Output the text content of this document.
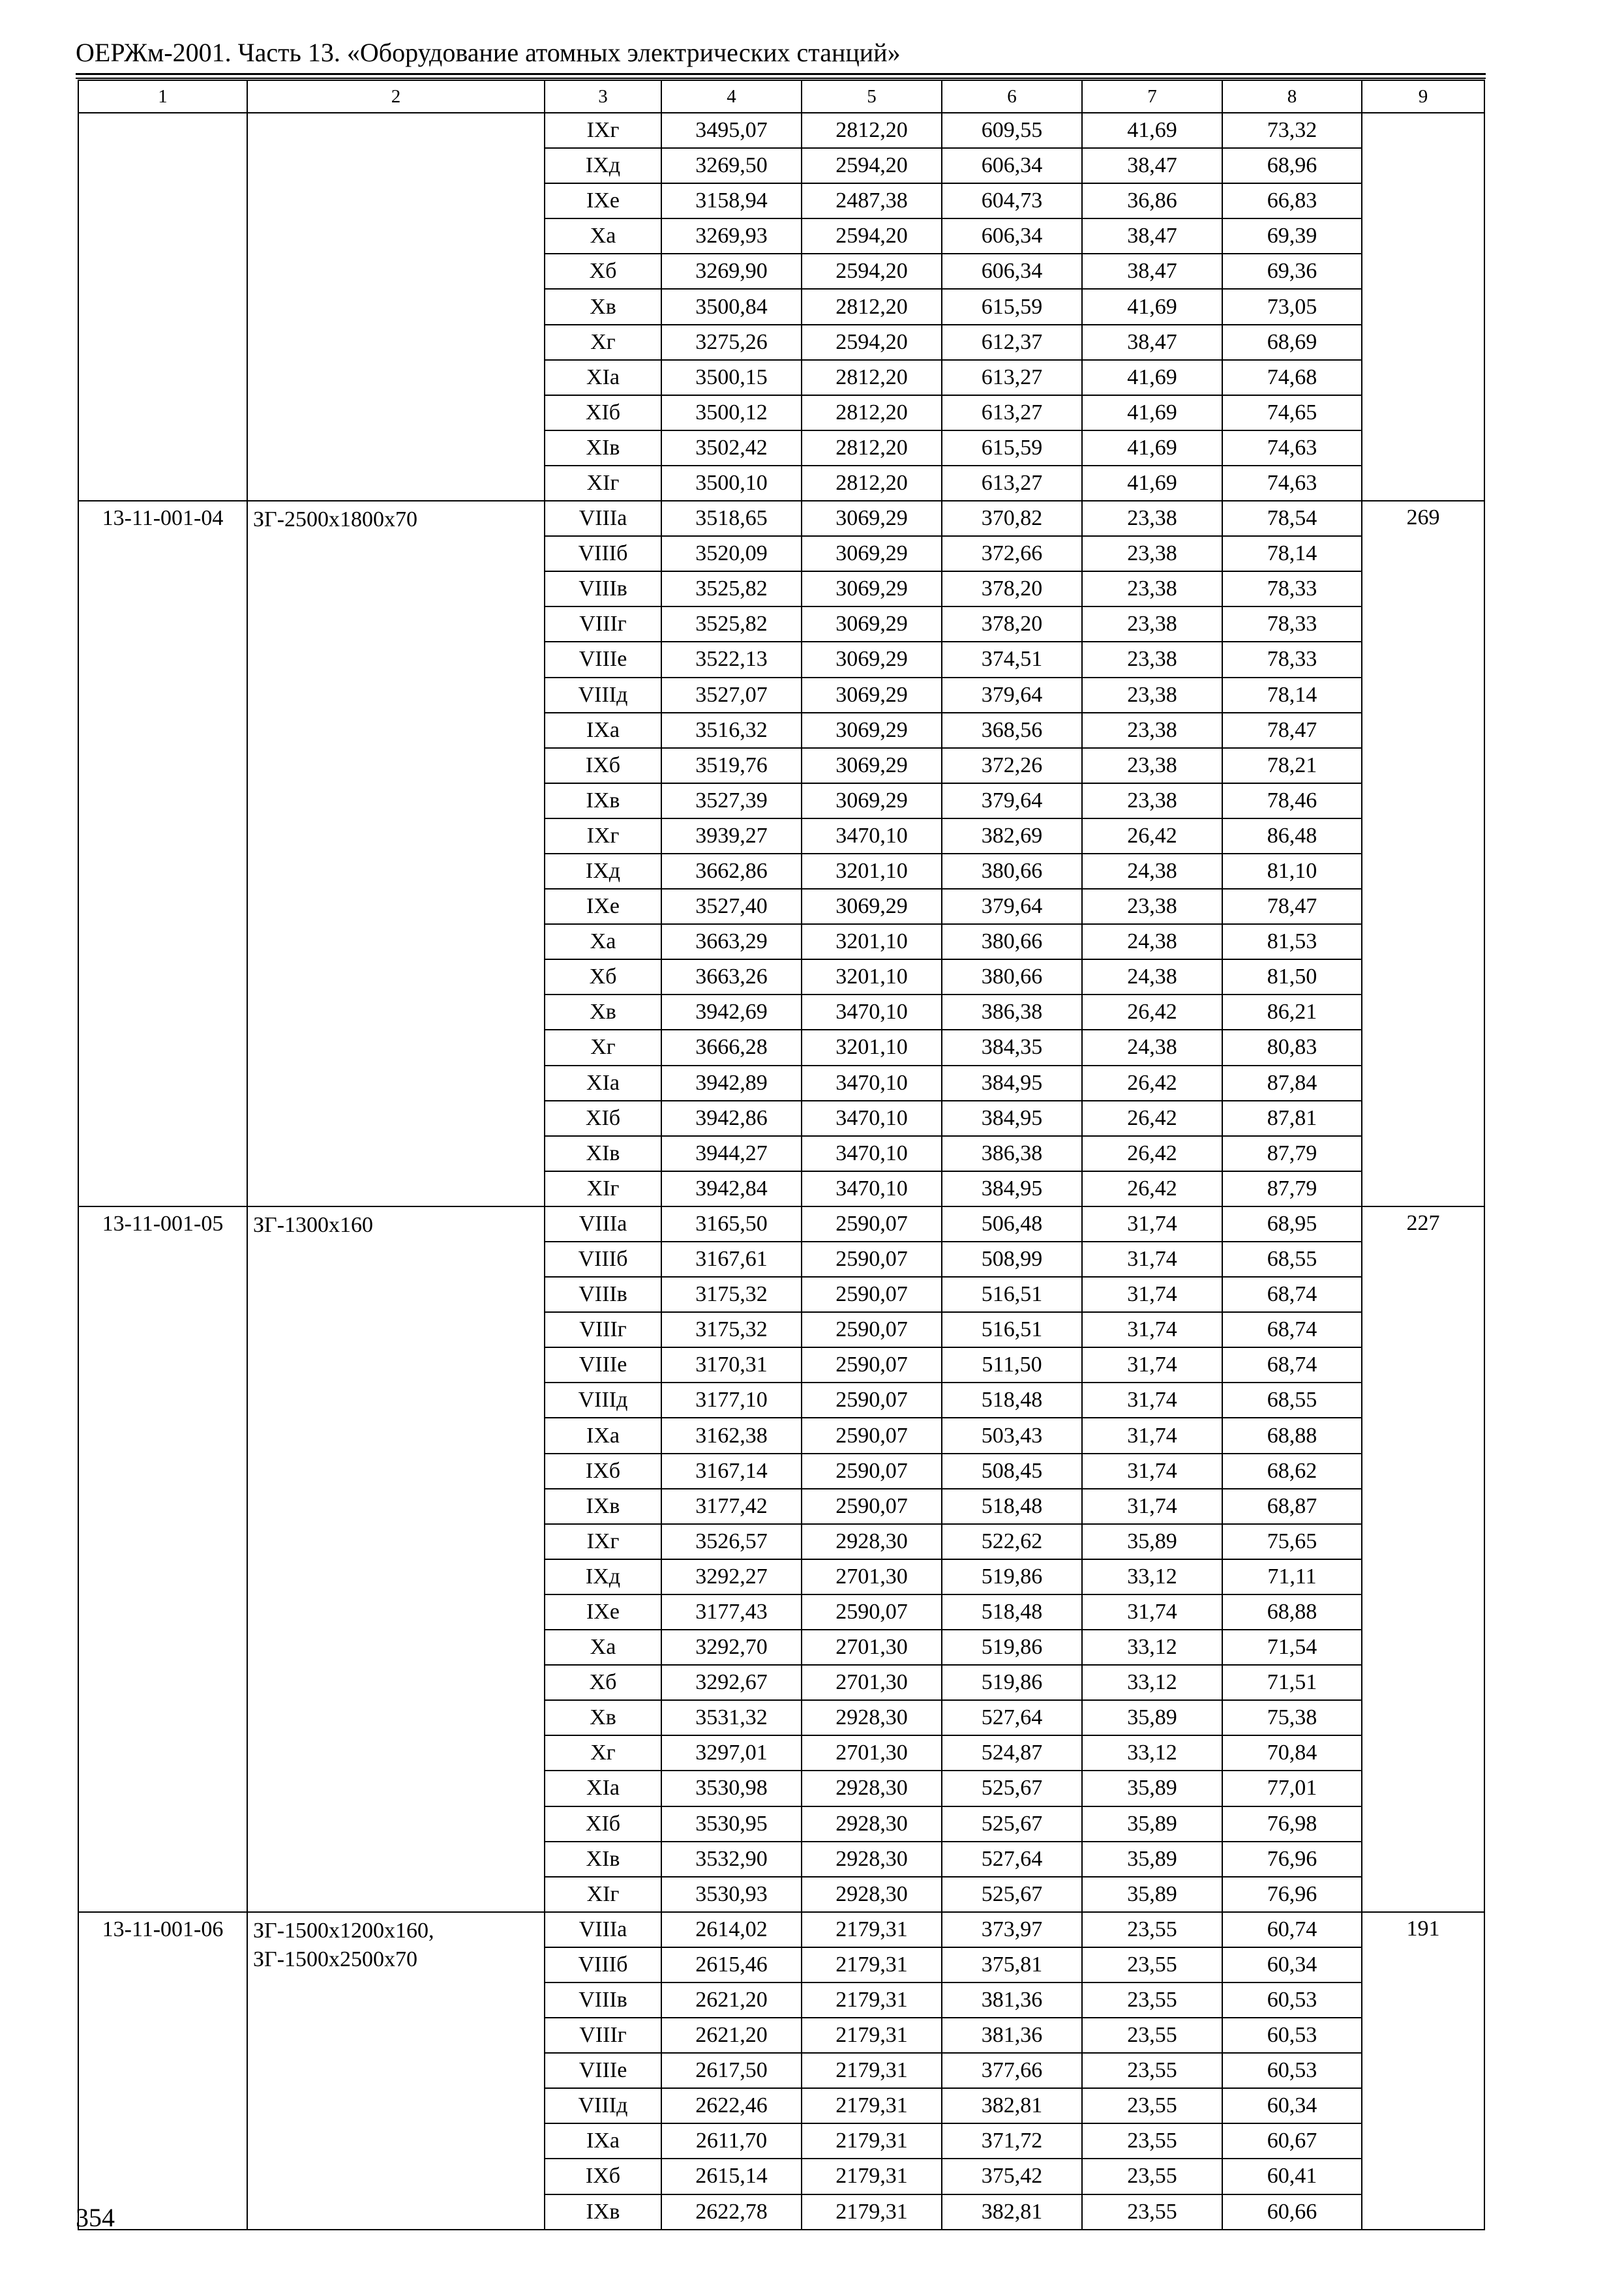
ОЕРЖм-2001. Часть 13. «Оборудование атомных электрических станций»
1	2	3	4	5	6	7	8	9
		IXг	3495,07	2812,20	609,55	41,69	73,32	
		IXд	3269,50	2594,20	606,34	38,47	68,96	
		IXе	3158,94	2487,38	604,73	36,86	66,83	
		Xа	3269,93	2594,20	606,34	38,47	69,39	
		Xб	3269,90	2594,20	606,34	38,47	69,36	
		Xв	3500,84	2812,20	615,59	41,69	73,05	
		Xг	3275,26	2594,20	612,37	38,47	68,69	
		XIа	3500,15	2812,20	613,27	41,69	74,68	
		XIб	3500,12	2812,20	613,27	41,69	74,65	
		XIв	3502,42	2812,20	615,59	41,69	74,63	
		XIг	3500,10	2812,20	613,27	41,69	74,63	
13-11-001-04	ЗГ-2500х1800х70	VIIIа	3518,65	3069,29	370,82	23,38	78,54	269
		VIIIб	3520,09	3069,29	372,66	23,38	78,14	
		VIIIв	3525,82	3069,29	378,20	23,38	78,33	
		VIIIг	3525,82	3069,29	378,20	23,38	78,33	
		VIIIе	3522,13	3069,29	374,51	23,38	78,33	
		VIIIд	3527,07	3069,29	379,64	23,38	78,14	
		IXа	3516,32	3069,29	368,56	23,38	78,47	
		IXб	3519,76	3069,29	372,26	23,38	78,21	
		IXв	3527,39	3069,29	379,64	23,38	78,46	
		IXг	3939,27	3470,10	382,69	26,42	86,48	
		IXд	3662,86	3201,10	380,66	24,38	81,10	
		IXе	3527,40	3069,29	379,64	23,38	78,47	
		Xа	3663,29	3201,10	380,66	24,38	81,53	
		Xб	3663,26	3201,10	380,66	24,38	81,50	
		Xв	3942,69	3470,10	386,38	26,42	86,21	
		Xг	3666,28	3201,10	384,35	24,38	80,83	
		XIа	3942,89	3470,10	384,95	26,42	87,84	
		XIб	3942,86	3470,10	384,95	26,42	87,81	
		XIв	3944,27	3470,10	386,38	26,42	87,79	
		XIг	3942,84	3470,10	384,95	26,42	87,79	
13-11-001-05	ЗГ-1300х160	VIIIа	3165,50	2590,07	506,48	31,74	68,95	227
		VIIIб	3167,61	2590,07	508,99	31,74	68,55	
		VIIIв	3175,32	2590,07	516,51	31,74	68,74	
		VIIIг	3175,32	2590,07	516,51	31,74	68,74	
		VIIIе	3170,31	2590,07	511,50	31,74	68,74	
		VIIIд	3177,10	2590,07	518,48	31,74	68,55	
		IXа	3162,38	2590,07	503,43	31,74	68,88	
		IXб	3167,14	2590,07	508,45	31,74	68,62	
		IXв	3177,42	2590,07	518,48	31,74	68,87	
		IXг	3526,57	2928,30	522,62	35,89	75,65	
		IXд	3292,27	2701,30	519,86	33,12	71,11	
		IXе	3177,43	2590,07	518,48	31,74	68,88	
		Xа	3292,70	2701,30	519,86	33,12	71,54	
		Xб	3292,67	2701,30	519,86	33,12	71,51	
		Xв	3531,32	2928,30	527,64	35,89	75,38	
		Xг	3297,01	2701,30	524,87	33,12	70,84	
		XIа	3530,98	2928,30	525,67	35,89	77,01	
		XIб	3530,95	2928,30	525,67	35,89	76,98	
		XIв	3532,90	2928,30	527,64	35,89	76,96	
		XIг	3530,93	2928,30	525,67	35,89	76,96	
13-11-001-06	ЗГ-1500х1200х160, ЗГ-1500х2500х70	VIIIа	2614,02	2179,31	373,97	23,55	60,74	191
		VIIIб	2615,46	2179,31	375,81	23,55	60,34	
		VIIIв	2621,20	2179,31	381,36	23,55	60,53	
		VIIIг	2621,20	2179,31	381,36	23,55	60,53	
		VIIIе	2617,50	2179,31	377,66	23,55	60,53	
		VIIIд	2622,46	2179,31	382,81	23,55	60,34	
		IXа	2611,70	2179,31	371,72	23,55	60,67	
		IXб	2615,14	2179,31	375,42	23,55	60,41	
		IXв	2622,78	2179,31	382,81	23,55	60,66	
354
